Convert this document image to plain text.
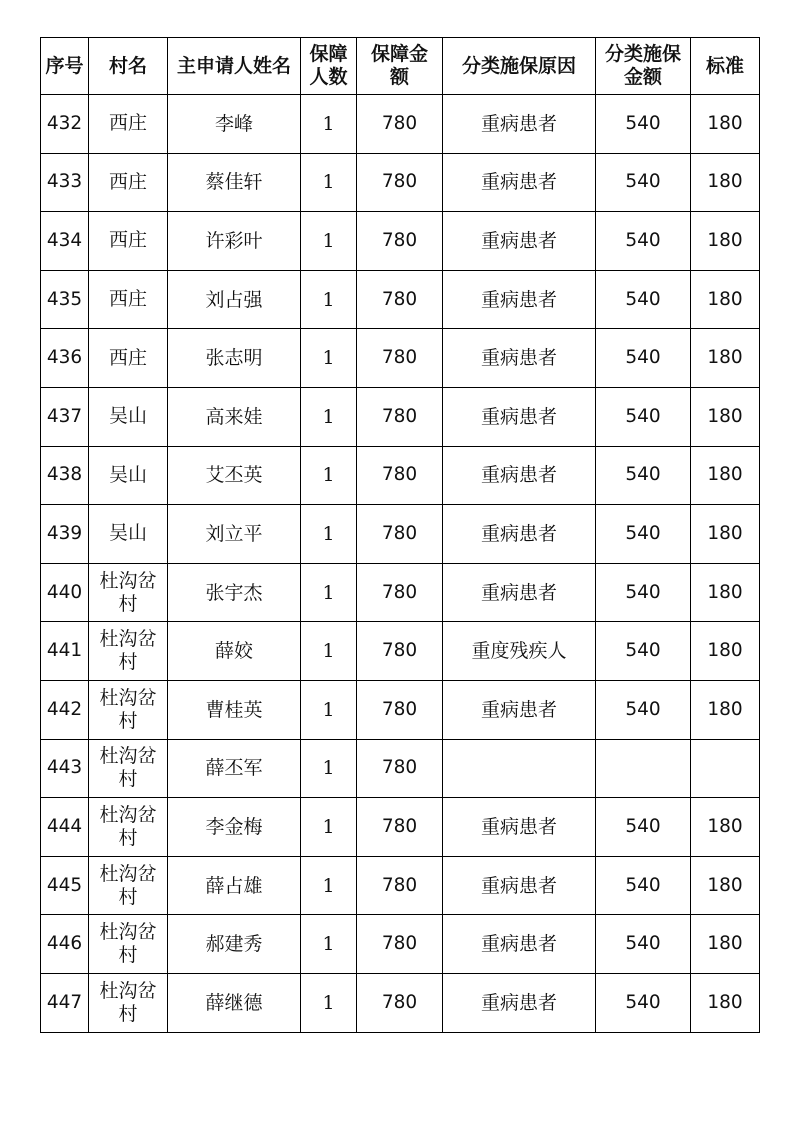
序号	村名	主申请人姓名	保障人数	保障金额	分类施保原因	分类施保金额	标准
432	西庄	李峰	1	780	重病患者	540	180
433	西庄	蔡佳轩	1	780	重病患者	540	180
434	西庄	许彩叶	1	780	重病患者	540	180
435	西庄	刘占强	1	780	重病患者	540	180
436	西庄	张志明	1	780	重病患者	540	180
437	吴山	高来娃	1	780	重病患者	540	180
438	吴山	艾丕英	1	780	重病患者	540	180
439	吴山	刘立平	1	780	重病患者	540	180
440	杜沟岔村	张宇杰	1	780	重病患者	540	180
441	杜沟岔村	薛姣	1	780	重度残疾人	540	180
442	杜沟岔村	曹桂英	1	780	重病患者	540	180
443	杜沟岔村	薛丕军	1	780			
444	杜沟岔村	李金梅	1	780	重病患者	540	180
445	杜沟岔村	薛占雄	1	780	重病患者	540	180
446	杜沟岔村	郝建秀	1	780	重病患者	540	180
447	杜沟岔村	薛继德	1	780	重病患者	540	180
